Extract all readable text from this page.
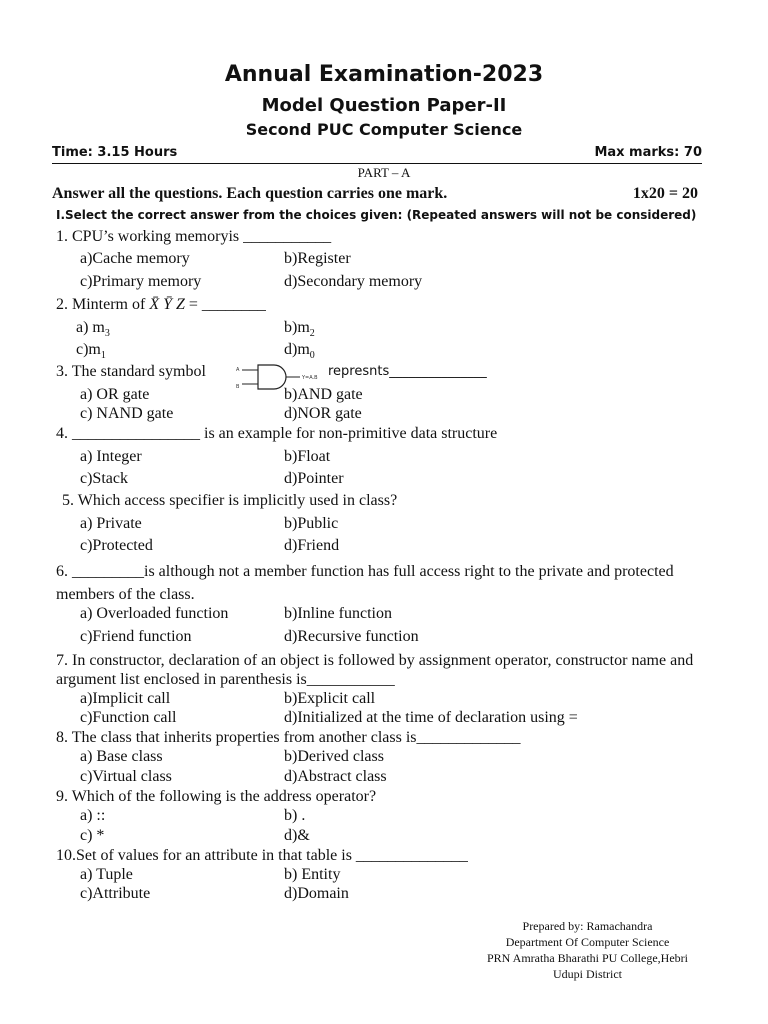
Annual Examination-2023
Model Question Paper-II
Second PUC Computer Science
Time: 3.15 Hours	Max marks: 70
PART – A
Answer all the questions. Each question carries one mark.	1x20 = 20
I.Select the correct answer from the choices given: (Repeated answers will not be considered)
1. CPU’s working memoryis ___________
a)Cache memory	b)Register
c)Primary memory	d)Secondary memory
2. Minterm of X̄ Ȳ Z = ________
a) $m_3$	$b)m_2$
$c)m_1$	$d)m_0$
3. The standard symbol	A
B
Y=A.B represnts_______________
a) OR gate	b)AND gate
c) NAND gate	d)NOR gate
4. ________________ is an example for non-primitive data structure
a) Integer	b)Float
c)Stack	d)Pointer
5. Which access specifier is implicitly used in class?
a) Private	b)Public
c)Protected	d)Friend
6. _________is although not a member function has full access right to the private and protected members of the class.
a) Overloaded function	b)Inline function
c)Friend function	d)Recursive function
7. In constructor, declaration of an object is followed by assignment operator, constructor name and argument list enclosed in parenthesis is___________
a)Implicit call	b)Explicit call
c)Function call	d)Initialized at the time of declaration using =
8. The class that inherits properties from another class is_____________
a) Base class	b)Derived class
c)Virtual class	d)Abstract class
9. Which of the following is the address operator?
a) ::	b) .
c) *	d)&
10.Set of values for an attribute in that table is ______________
a) Tuple	b) Entity
c)Attribute	d)Domain
Prepared by: Ramachandra
Department Of Computer Science
PRN Amratha Bharathi PU College,Hebri
Udupi District
